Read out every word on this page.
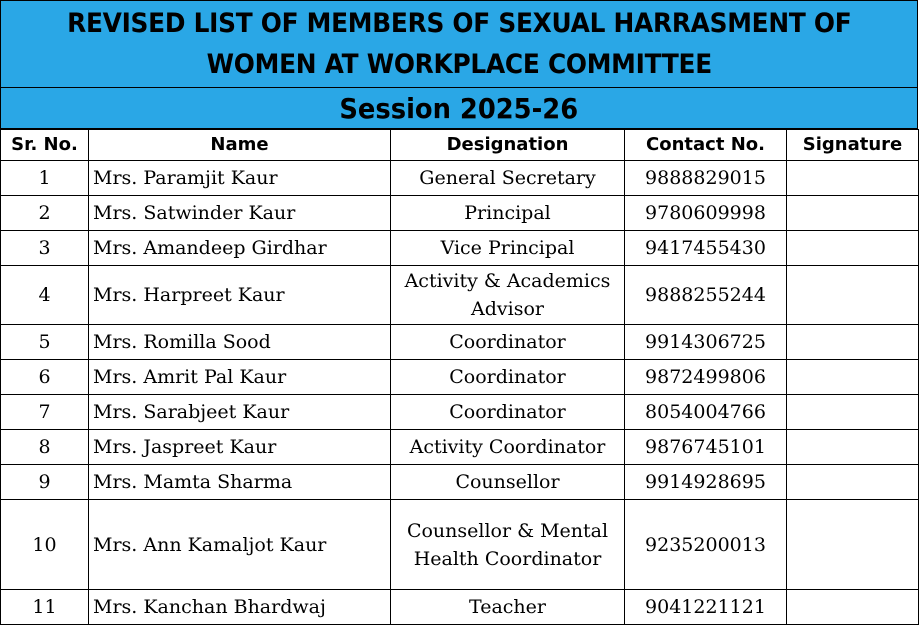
REVISED LIST OF MEMBERS OF SEXUAL HARRASMENT OF
WOMEN AT WORKPLACE COMMITTEE
Session 2025-26
Sr. No.	Name	Designation	Contact No.	Signature
1	Mrs. Paramjit Kaur	General Secretary	9888829015	
2	Mrs. Satwinder Kaur	Principal	9780609998	
3	Mrs. Amandeep Girdhar	Vice Principal	9417455430	
4	Mrs. Harpreet Kaur	Activity & Academics Advisor	9888255244	
5	Mrs. Romilla Sood	Coordinator	9914306725	
6	Mrs. Amrit Pal Kaur	Coordinator	9872499806	
7	Mrs. Sarabjeet Kaur	Coordinator	8054004766	
8	Mrs. Jaspreet Kaur	Activity Coordinator	9876745101	
9	Mrs. Mamta Sharma	Counsellor	9914928695	
10	Mrs. Ann Kamaljot Kaur	Counsellor & Mental Health Coordinator	9235200013	
11	Mrs. Kanchan Bhardwaj	Teacher	9041221121	
